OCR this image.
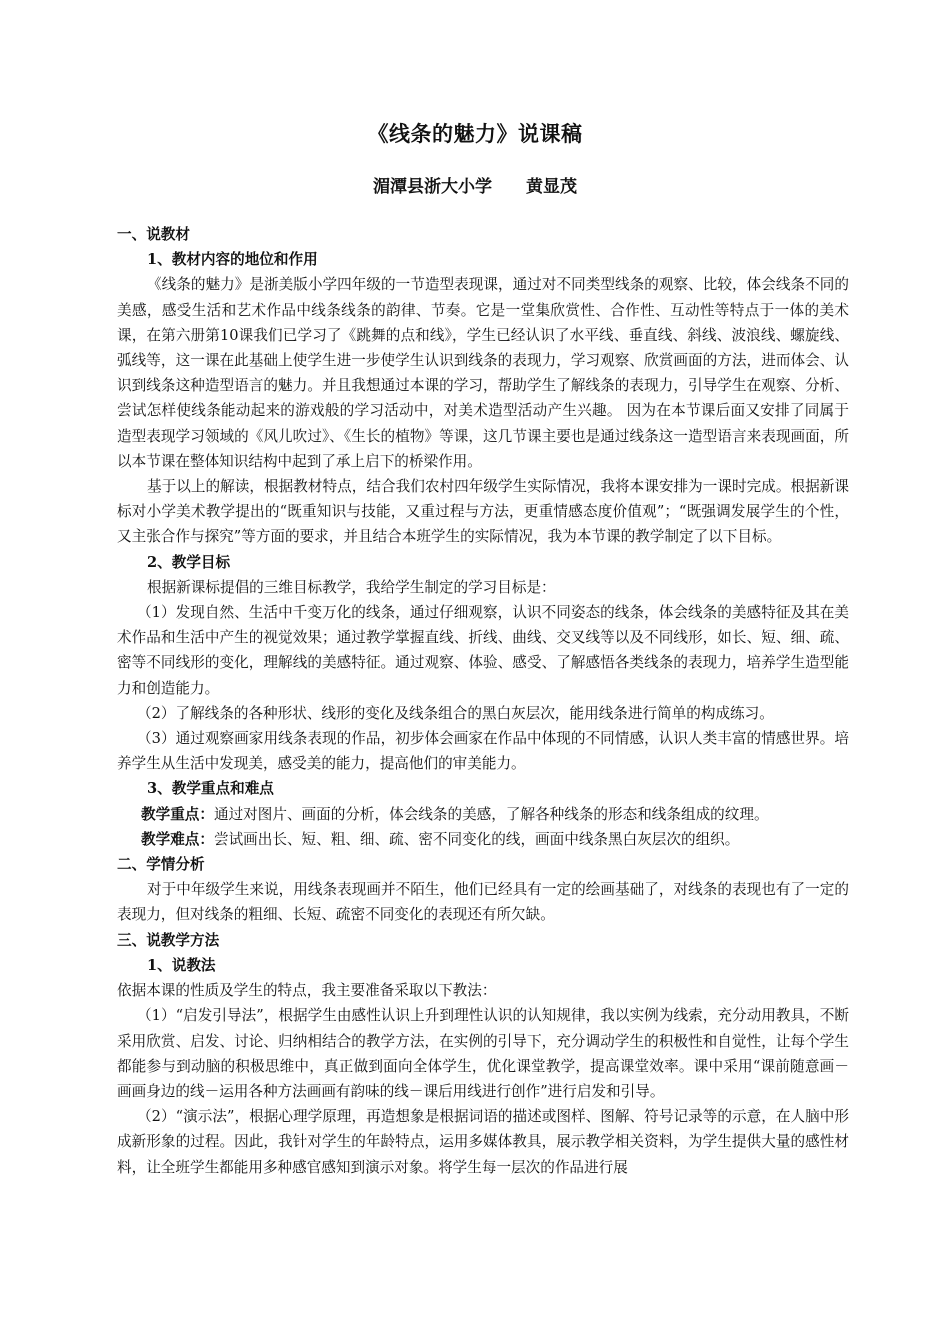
《线条的魅力》说课稿
湄潭县浙大小学 黄显茂

一、说教材

1、教材内容的地位和作用

《线条的魅力》是浙美版小学四年级的一节造型表现课，通过对不同类型线条的观察、比较，体会线条不同的美感，感受生活和艺术作品中线条线条的韵律、节奏。它是一堂集欣赏性、合作性、互动性等特点于一体的美术课，在第六册第10课我们已学习了《跳舞的点和线》，学生已经认识了水平线、垂直线、斜线、波浪线、螺旋线、弧线等，这一课在此基础上使学生进一步使学生认识到线条的表现力，学习观察、欣赏画面的方法，进而体会、认识到线条这种造型语言的魅力。并且我想通过本课的学习，帮助学生了解线条的表现力，引导学生在观察、分析、尝试怎样使线条能动起来的游戏般的学习活动中，对美术造型活动产生兴趣。 因为在本节课后面又安排了同属于造型表现学习领域的《风儿吹过》、《生长的植物》等课，这几节课主要也是通过线条这一造型语言来表现画面，所以本节课在整体知识结构中起到了承上启下的桥梁作用。

基于以上的解读，根据教材特点，结合我们农村四年级学生实际情况，我将本课安排为一课时完成。根据新课标对小学美术教学提出的“既重知识与技能，又重过程与方法，更重情感态度价值观”；“既强调发展学生的个性，又主张合作与探究”等方面的要求，并且结合本班学生的实际情况，我为本节课的教学制定了以下目标。

2、教学目标

根据新课标提倡的三维目标教学，我给学生制定的学习目标是：

（1）发现自然、生活中千变万化的线条，通过仔细观察，认识不同姿态的线条，体会线条的美感特征及其在美术作品和生活中产生的视觉效果；通过教学掌握直线、折线、曲线、交叉线等以及不同线形，如长、短、细、疏、密等不同线形的变化，理解线的美感特征。通过观察、体验、感受、了解感悟各类线条的表现力，培养学生造型能力和创造能力。

（2）了解线条的各种形状、线形的变化及线条组合的黑白灰层次，能用线条进行简单的构成练习。

（3）通过观察画家用线条表现的作品，初步体会画家在作品中体现的不同情感，认识人类丰富的情感世界。培养学生从生活中发现美，感受美的能力，提高他们的审美能力。

3、教学重点和难点

教学重点：通过对图片、画面的分析，体会线条的美感，了解各种线条的形态和线条组成的纹理。

教学难点：尝试画出长、短、粗、细、疏、密不同变化的线，画面中线条黑白灰层次的组织。

二、学情分析

对于中年级学生来说，用线条表现画并不陌生，他们已经具有一定的绘画基础了，对线条的表现也有了一定的表现力，但对线条的粗细、长短、疏密不同变化的表现还有所欠缺。

三、说教学方法

1、说教法

依据本课的性质及学生的特点，我主要准备采取以下教法：

（1）“启发引导法”，根据学生由感性认识上升到理性认识的认知规律，我以实例为线索，充分动用教具，不断采用欣赏、启发、讨论、归纳相结合的教学方法，在实例的引导下，充分调动学生的积极性和自觉性，让每个学生都能参与到动脑的积极思维中，真正做到面向全体学生，优化课堂教学，提高课堂效率。课中采用“课前随意画－画画身边的线－运用各种方法画画有韵味的线－课后用线进行创作”进行启发和引导。

（2）“演示法”，根据心理学原理，再造想象是根据词语的描述或图样、图解、符号记录等的示意，在人脑中形成新形象的过程。因此，我针对学生的年龄特点，运用多媒体教具，展示教学相关资料，为学生提供大量的感性材料，让全班学生都能用多种感官感知到演示对象。将学生每一层次的作品进行展
